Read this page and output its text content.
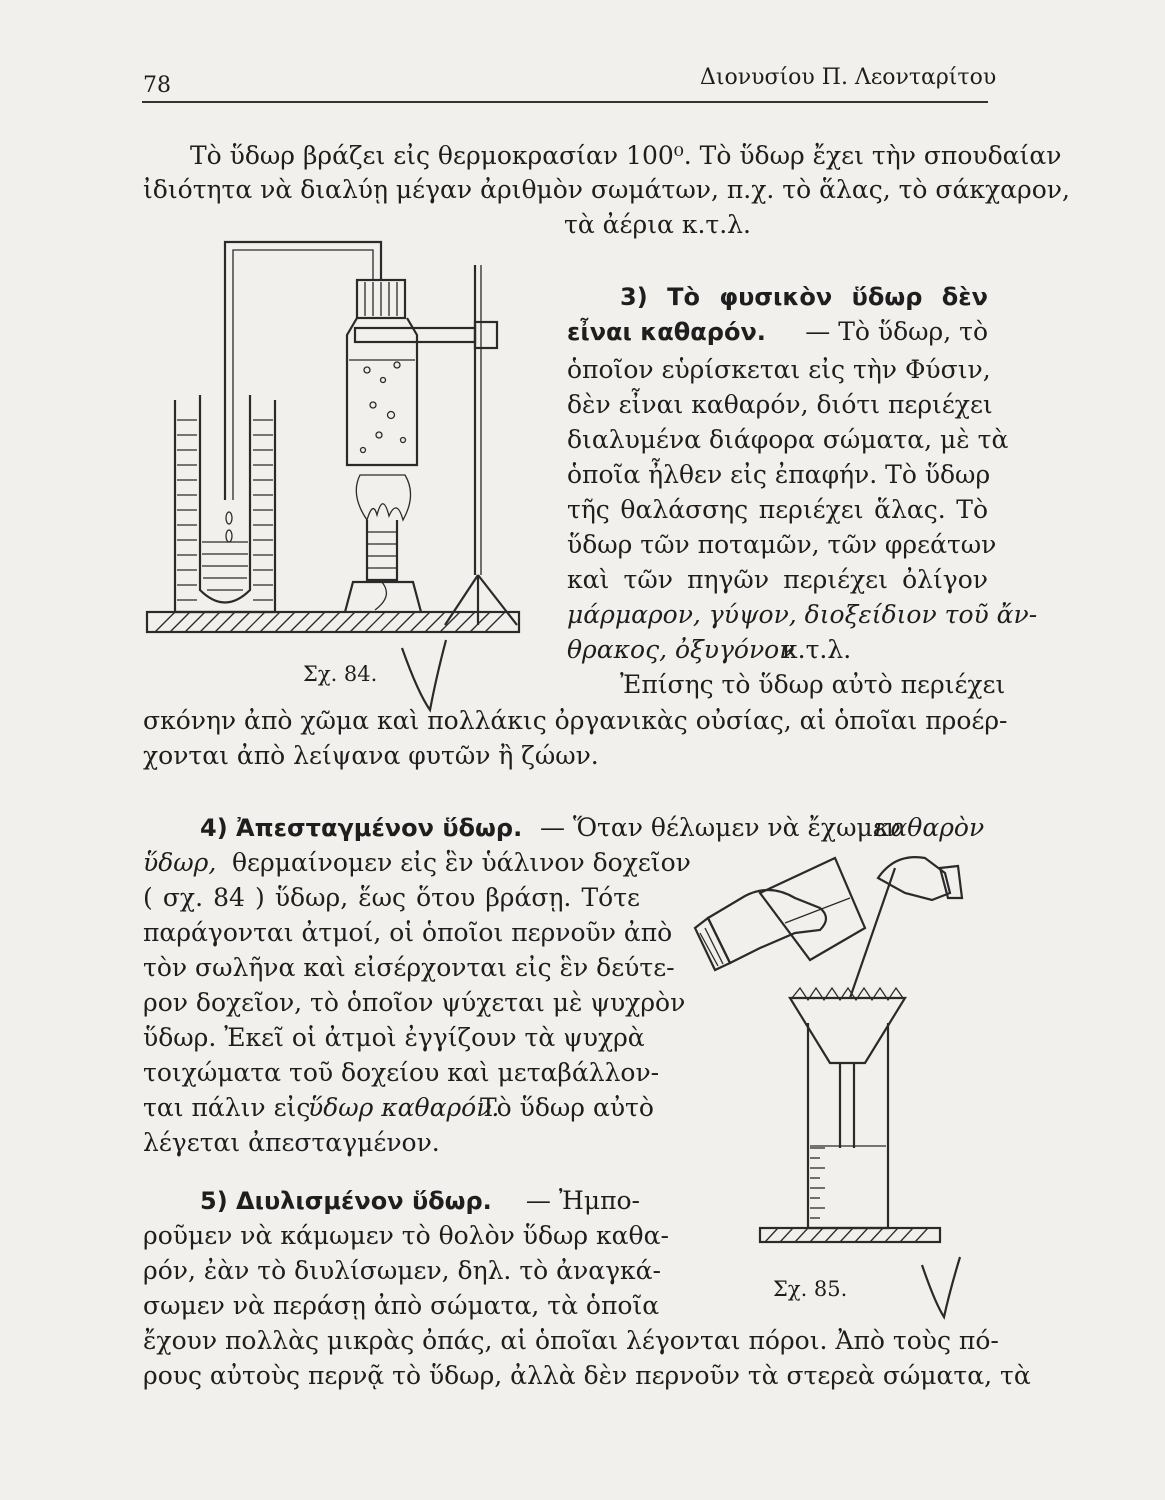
78	Διονυσίου Π. Λεονταρίτου
Τὸ ὕδωρ βράζει εἰς θερμοκρασίαν 100⁰. Τὸ ὕδωρ ἔχει τὴν σπουδαίαν
ἰδιότητα νὰ διαλύῃ μέγαν ἀριθμὸν σωμάτων, π.χ. τὸ ἅλας, τὸ σάκχαρον,
τὰ ἀέρια κ.τ.λ.
3) Τὸ φυσικὸν ὕδωρ δὲν
εἶναι καθαρόν.	— Τὸ ὕδωρ, τὸ
ὁποῖον εὑρίσκεται εἰς τὴν Φύσιν,
δὲν εἶναι καθαρόν, διότι περιέχει
διαλυμένα διάφορα σώματα, μὲ τὰ
ὁποῖα ἦλθεν εἰς ἐπαφήν. Τὸ ὕδωρ
τῆς θαλάσσης περιέχει ἅλας. Τὸ
ὕδωρ τῶν ποταμῶν, τῶν φρεάτων
καὶ τῶν πηγῶν περιέχει ὀλίγον
μάρμαρον, γύψον, διοξείδιον τοῦ ἄν-
θρακος, ὀξυγόνον
κ.τ.λ.
Ἐπίσης τὸ ὕδωρ αὐτὸ περιέχει
σκόνην ἀπὸ χῶμα καὶ πολλάκις ὀργανικὰς οὐσίας, αἱ ὁποῖαι προέρ-
χονται ἀπὸ λείψανα φυτῶν ἢ ζώων.
Σχ. 84.
4) Ἀπεσταγμένον ὕδωρ. — Ὅταν θέλωμεν νὰ ἔχωμεν
καθαρὸν
ὕδωρ, θερμαίνομεν εἰς ἓν ὑάλινον δοχεῖον
( σχ. 84 ) ὕδωρ, ἕως ὅτου βράσῃ. Τότε
παράγονται ἀτμοί, οἱ ὁποῖοι περνοῦν ἀπὸ
τὸν σωλῆνα καὶ εἰσέρχονται εἰς ἓν δεύτε-
ρον δοχεῖον, τὸ ὁποῖον ψύχεται μὲ ψυχρὸν
ὕδωρ. Ἐκεῖ οἱ ἀτμοὶ ἐγγίζουν τὰ ψυχρὰ
τοιχώματα τοῦ δοχείου καὶ μεταβάλλον-
ται πάλιν εἰς
ὕδωρ καθαρόν.
Τὸ ὕδωρ αὐτὸ
λέγεται ἀπεσταγμένον.
Σχ. 85.
5) Διυλισμένον ὕδωρ.	— Ἠμπο-
ροῦμεν νὰ κάμωμεν τὸ θολὸν ὕδωρ καθα-
ρόν, ἐὰν τὸ διυλίσωμεν, δηλ. τὸ ἀναγκά-
σωμεν νὰ περάσῃ ἀπὸ σώματα, τὰ ὁποῖα
ἔχουν πολλὰς μικρὰς ὀπάς, αἱ ὁποῖαι λέγονται πόροι. Ἀπὸ τοὺς πό-
ρους αὐτοὺς περνᾷ τὸ ὕδωρ, ἀλλὰ δὲν περνοῦν τὰ στερεὰ σώματα, τὰ
